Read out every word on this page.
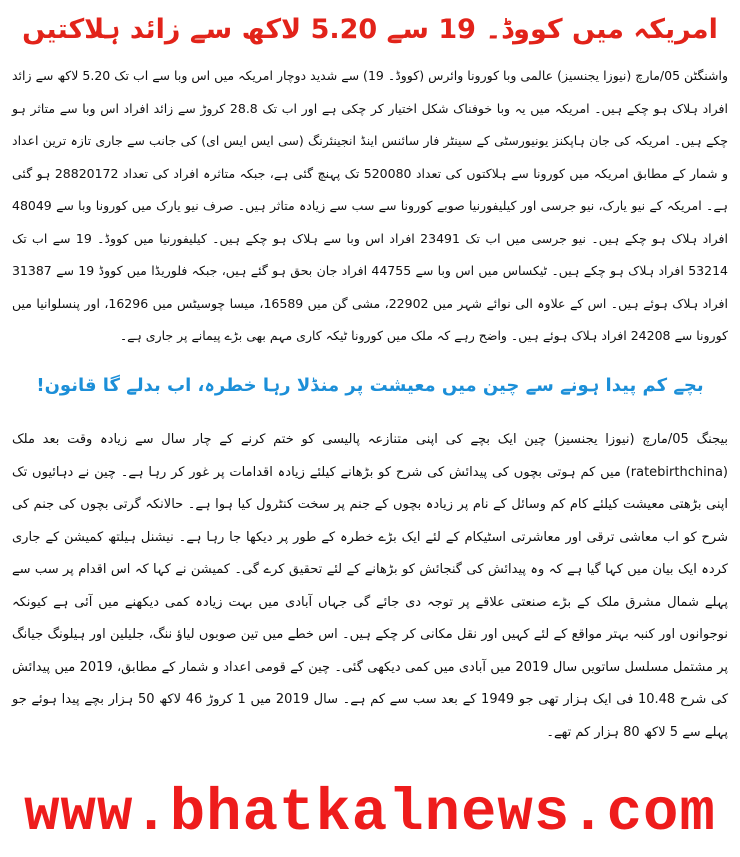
امریکہ میں کووڈ۔ 19 سے 5.20 لاکھ سے زائد ہلاکتیں

واشنگٹن 05/مارچ (نیوزا یجنسیز) عالمی وبا کورونا وائرس (کووڈ۔ 19) سے شدید دوچار امریکہ میں اس وبا سے اب تک 5.20 لاکھ سے زائد افراد ہلاک ہو چکے ہیں۔ امریکہ میں یہ وبا خوفناک شکل اختیار کر چکی ہے اور اب تک 28.8 کروڑ سے زائد افراد اس وبا سے متاثر ہو چکے ہیں۔ امریکہ کی جان ہاپکنز یونیورسٹی کے سینٹر فار سائنس اینڈ انجینئرنگ (سی ایس ایس ای) کی جانب سے جاری تازہ ترین اعداد و شمار کے مطابق امریکہ میں کورونا سے ہلاکتوں کی تعداد 520080 تک پہنچ گئی ہے، جبکہ متاثرہ افراد کی تعداد 28820172 ہو گئی ہے۔ امریکہ کے نیو یارک، نیو جرسی اور کیلیفورنیا صوبے کورونا سے سب سے زیادہ متاثر ہیں۔ صرف نیو یارک میں کورونا وبا سے 48049 افراد ہلاک ہو چکے ہیں۔ نیو جرسی میں اب تک 23491 افراد اس وبا سے ہلاک ہو چکے ہیں۔ کیلیفورنیا میں کووڈ۔ 19 سے اب تک 53214 افراد ہلاک ہو چکے ہیں۔ ٹیکساس میں اس وبا سے 44755 افراد جان بحق ہو گئے ہیں، جبکہ فلوریڈا میں کووڈ 19 سے 31387 افراد ہلاک ہوئے ہیں۔ اس کے علاوہ الی نوائے شہر میں 22902، مشی گن میں 16589، میسا چوسیٹس میں 16296، اور پنسلوانیا میں کورونا سے 24208 افراد ہلاک ہوئے ہیں۔ واضح رہے کہ ملک میں کورونا ٹیکہ کاری مہم بھی بڑے پیمانے پر جاری ہے۔

بچے کم پیدا ہونے سے چین میں معیشت پر منڈلا رہا خطرہ، اب بدلے گا قانون!

بیجنگ 05/مارچ (نیوزا یجنسیز) چین ایک بچے کی اپنی متنازعہ پالیسی کو ختم کرنے کے چار سال سے زیادہ وقت بعد ملک (ratebirthchina) میں کم ہوتی بچوں کی پیدائش کی شرح کو بڑھانے کیلئے زیادہ اقدامات پر غور کر رہا ہے۔ چین نے دہائیوں تک اپنی بڑھتی معیشت کیلئے کام کم وسائل کے نام پر زیادہ بچوں کے جنم پر سخت کنٹرول کیا ہوا ہے۔ حالانکہ گرتی بچوں کی جنم کی شرح کو اب معاشی ترقی اور معاشرتی اسٹیکام کے لئے ایک بڑے خطرہ کے طور پر دیکھا جا رہا ہے۔ نیشنل ہیلتھ کمیشن کے جاری کردہ ایک بیان میں کہا گیا ہے کہ وہ پیدائش کی گنجائش کو بڑھانے کے لئے تحقیق کرے گی۔ کمیشن نے کہا کہ اس اقدام پر سب سے پہلے شمال مشرق ملک کے بڑے صنعتی علاقے پر توجہ دی جائے گی جہاں آبادی میں بہت زیادہ کمی دیکھنے میں آئی ہے کیونکہ نوجوانوں اور کنبہ بہتر مواقع کے لئے کہیں اور نقل مکانی کر چکے ہیں۔ اس خطے میں تین صوبوں لیاؤ ننگ، جلیلین اور ہیلونگ جیانگ پر مشتمل مسلسل ساتویں سال 2019 میں آبادی میں کمی دیکھی گئی۔ چین کے قومی اعداد و شمار کے مطابق، 2019 میں پیدائش کی شرح 10.48 فی ایک ہزار تھی جو 1949 کے بعد سب سے کم ہے۔ سال 2019 میں 1 کروڑ 46 لاکھ 50 ہزار بچے پیدا ہوئے جو پہلے سے 5 لاکھ 80 ہزار کم تھے۔

www.bhatkalnews.com
